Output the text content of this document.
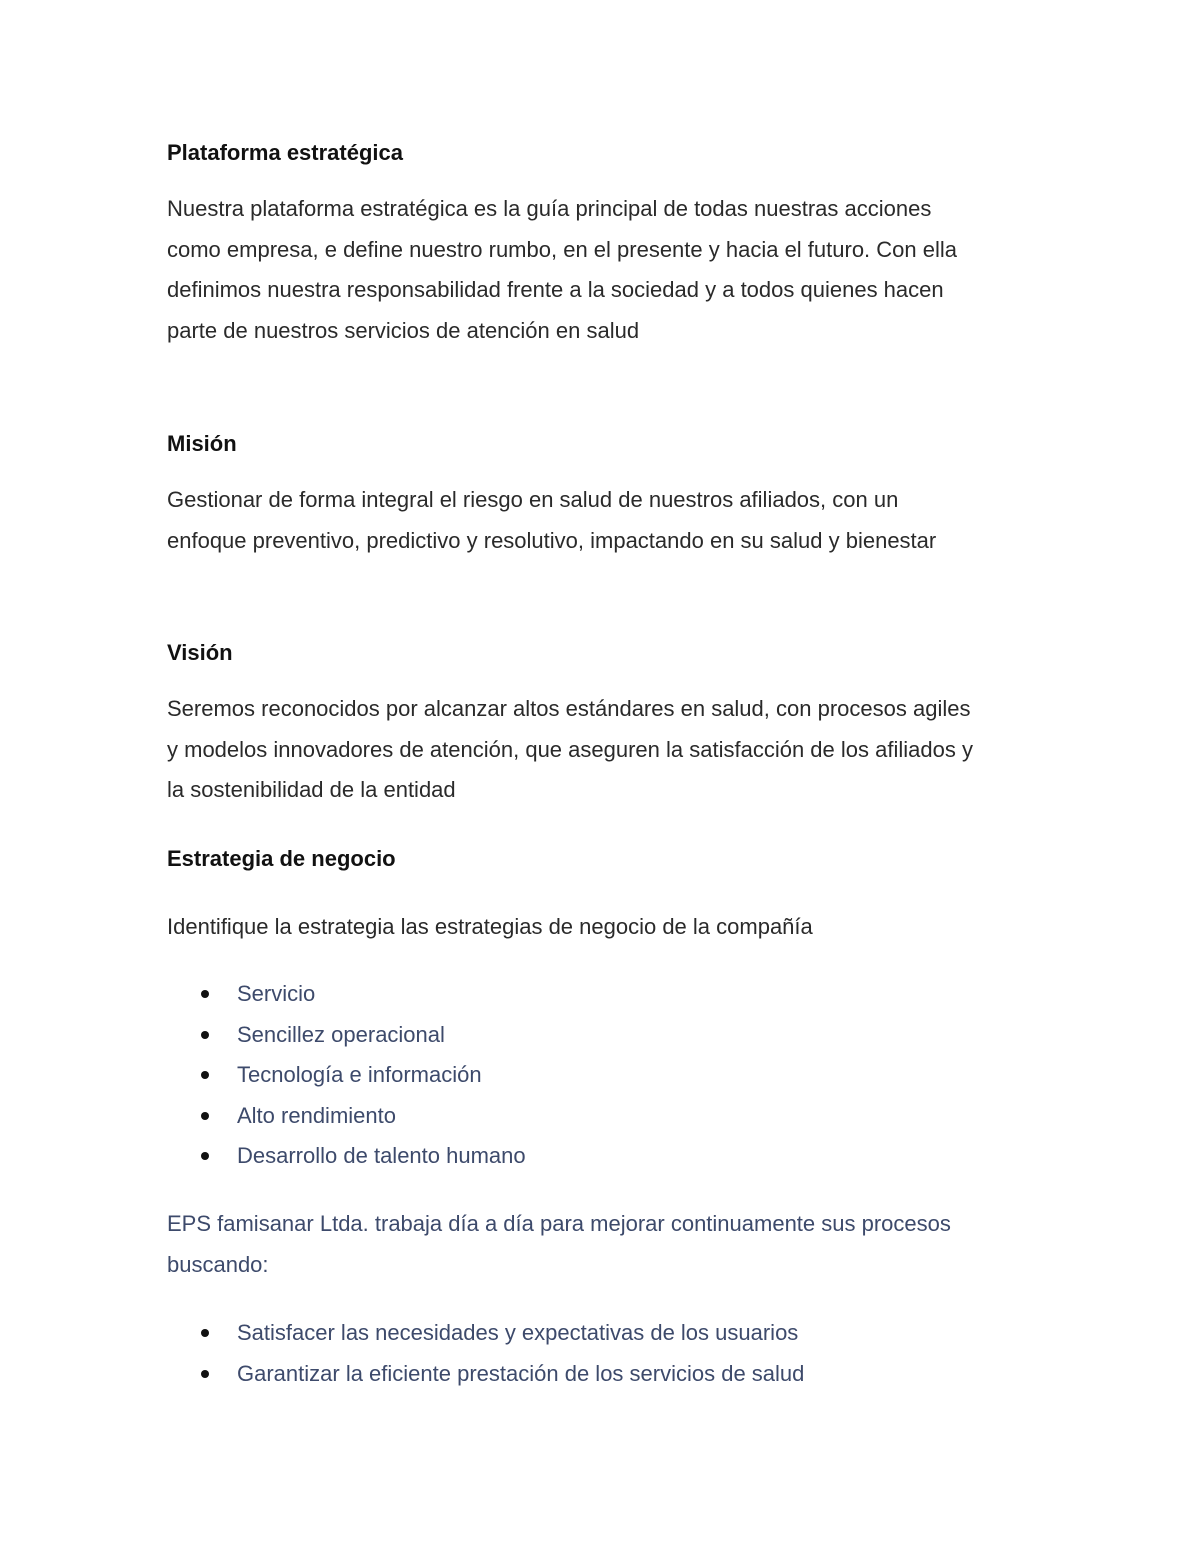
Plataforma estratégica

Nuestra plataforma estratégica es la guía principal de todas nuestras acciones

como empresa, e define nuestro rumbo, en el presente y hacia el futuro. Con ella

definimos nuestra responsabilidad frente a la sociedad y a todos quienes hacen

parte de nuestros servicios de atención en salud

Misión

Gestionar de forma integral el riesgo en salud de nuestros afiliados, con un

enfoque preventivo, predictivo y resolutivo, impactando en su salud y bienestar

Visión

Seremos reconocidos por alcanzar altos estándares en salud, con procesos agiles

y modelos innovadores de atención, que aseguren la satisfacción de los afiliados y

la sostenibilidad de la entidad

Estrategia de negocio

Identifique la estrategia las estrategias de negocio de la compañía

Servicio
Sencillez operacional
Tecnología e información
Alto rendimiento
Desarrollo de talento humano

EPS famisanar Ltda. trabaja día a día para mejorar continuamente sus procesos

buscando:

Satisfacer las necesidades y expectativas de los usuarios
Garantizar la eficiente prestación de los servicios de salud
